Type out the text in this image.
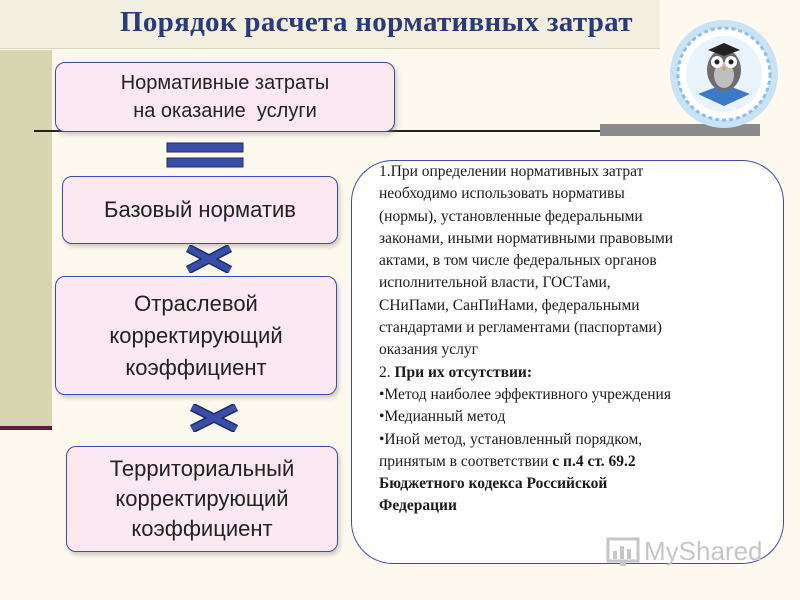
Порядок расчета нормативных затрат
Нормативные затраты
на оказание  услуги
Базовый норматив
Отраслевой
корректирующий
коэффициент
Территориальный
корректирующий
коэффициент
1.При определении нормативных затрат
необходимо использовать нормативы
(нормы), установленные федеральными
законами, иными нормативными правовыми
актами, в том числе федеральных органов
исполнительной власти, ГОСТами,
СНиПами, СанПиНами, федеральными
стандартами и регламентами (паспортами)
оказания услуг
2. При их отсутствии:
•Метод наиболее эффективного учреждения
•Медианный метод
•Иной метод, установленный порядком,
принятым в соответствии с п.4 ст. 69.2
Бюджетного кодекса Российской
Федерации
MyShared
